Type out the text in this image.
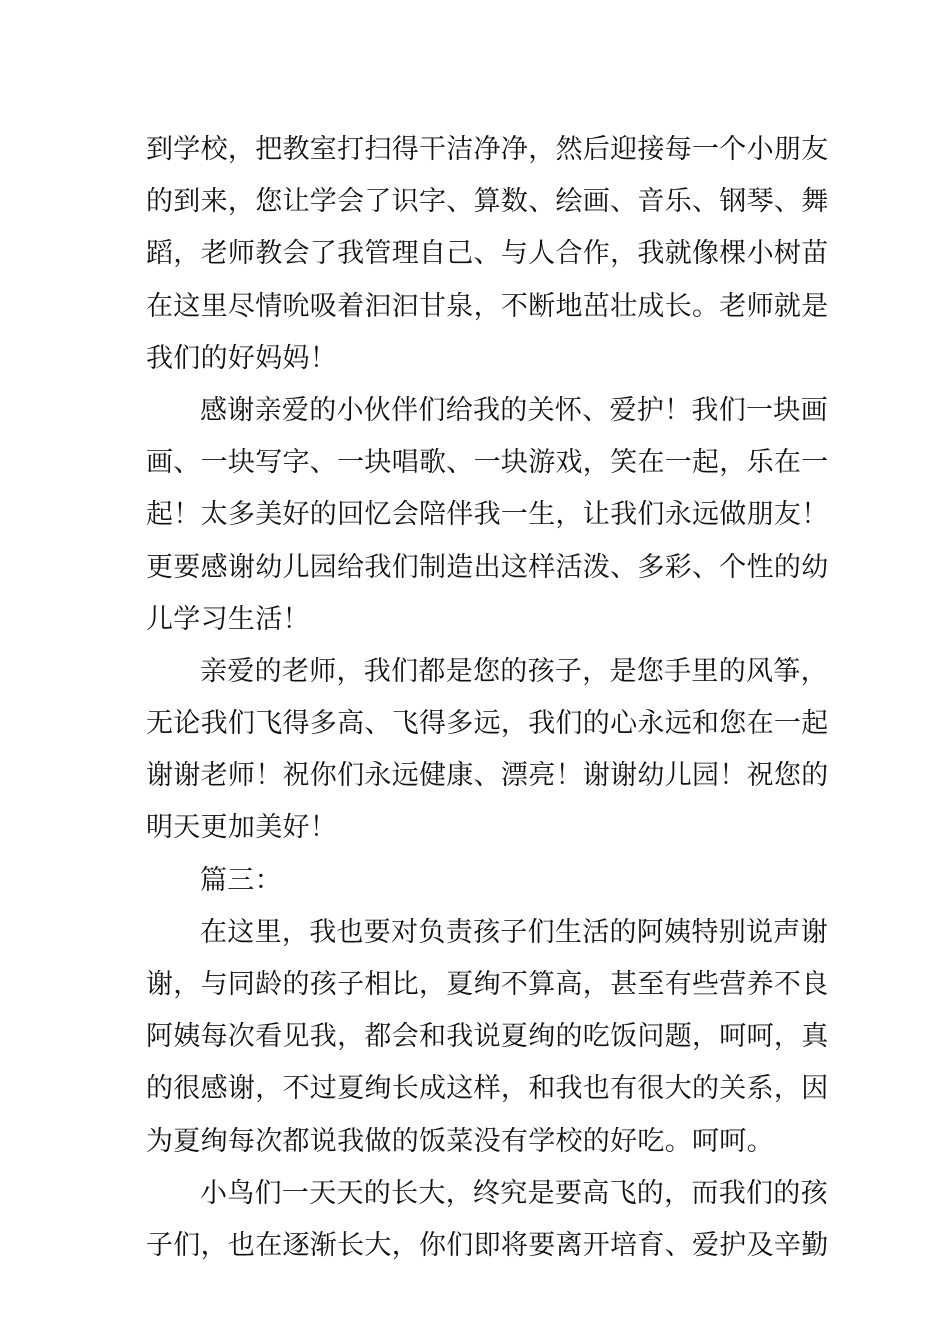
到学校，把教室打扫得干洁净净，然后迎接每一个小朋友
的到来，您让学会了识字、算数、绘画、音乐、钢琴、舞
蹈，老师教会了我管理自己、与人合作，我就像棵小树苗
在这里尽情吮吸着汩汩甘泉，不断地茁壮成长。老师就是
我们的好妈妈！
感谢亲爱的小伙伴们给我的关怀、爱护！我们一块画
画、一块写字、一块唱歌、一块游戏，笑在一起，乐在一
起！太多美好的回忆会陪伴我一生，让我们永远做朋友！
更要感谢幼儿园给我们制造出这样活泼、多彩、个性的幼
儿学习生活！
亲爱的老师，我们都是您的孩子，是您手里的风筝，
无论我们飞得多高、飞得多远，我们的心永远和您在一起
谢谢老师！祝你们永远健康、漂亮！谢谢幼儿园！祝您的
明天更加美好！
篇三：
在这里，我也要对负责孩子们生活的阿姨特别说声谢
谢，与同龄的孩子相比，夏绚不算高，甚至有些营养不良
阿姨每次看见我，都会和我说夏绚的吃饭问题，呵呵，真
的很感谢，不过夏绚长成这样，和我也有很大的关系，因
为夏绚每次都说我做的饭菜没有学校的好吃。呵呵。
小鸟们一天天的长大，终究是要高飞的，而我们的孩
子们，也在逐渐长大，你们即将要离开培育、爱护及辛勤
